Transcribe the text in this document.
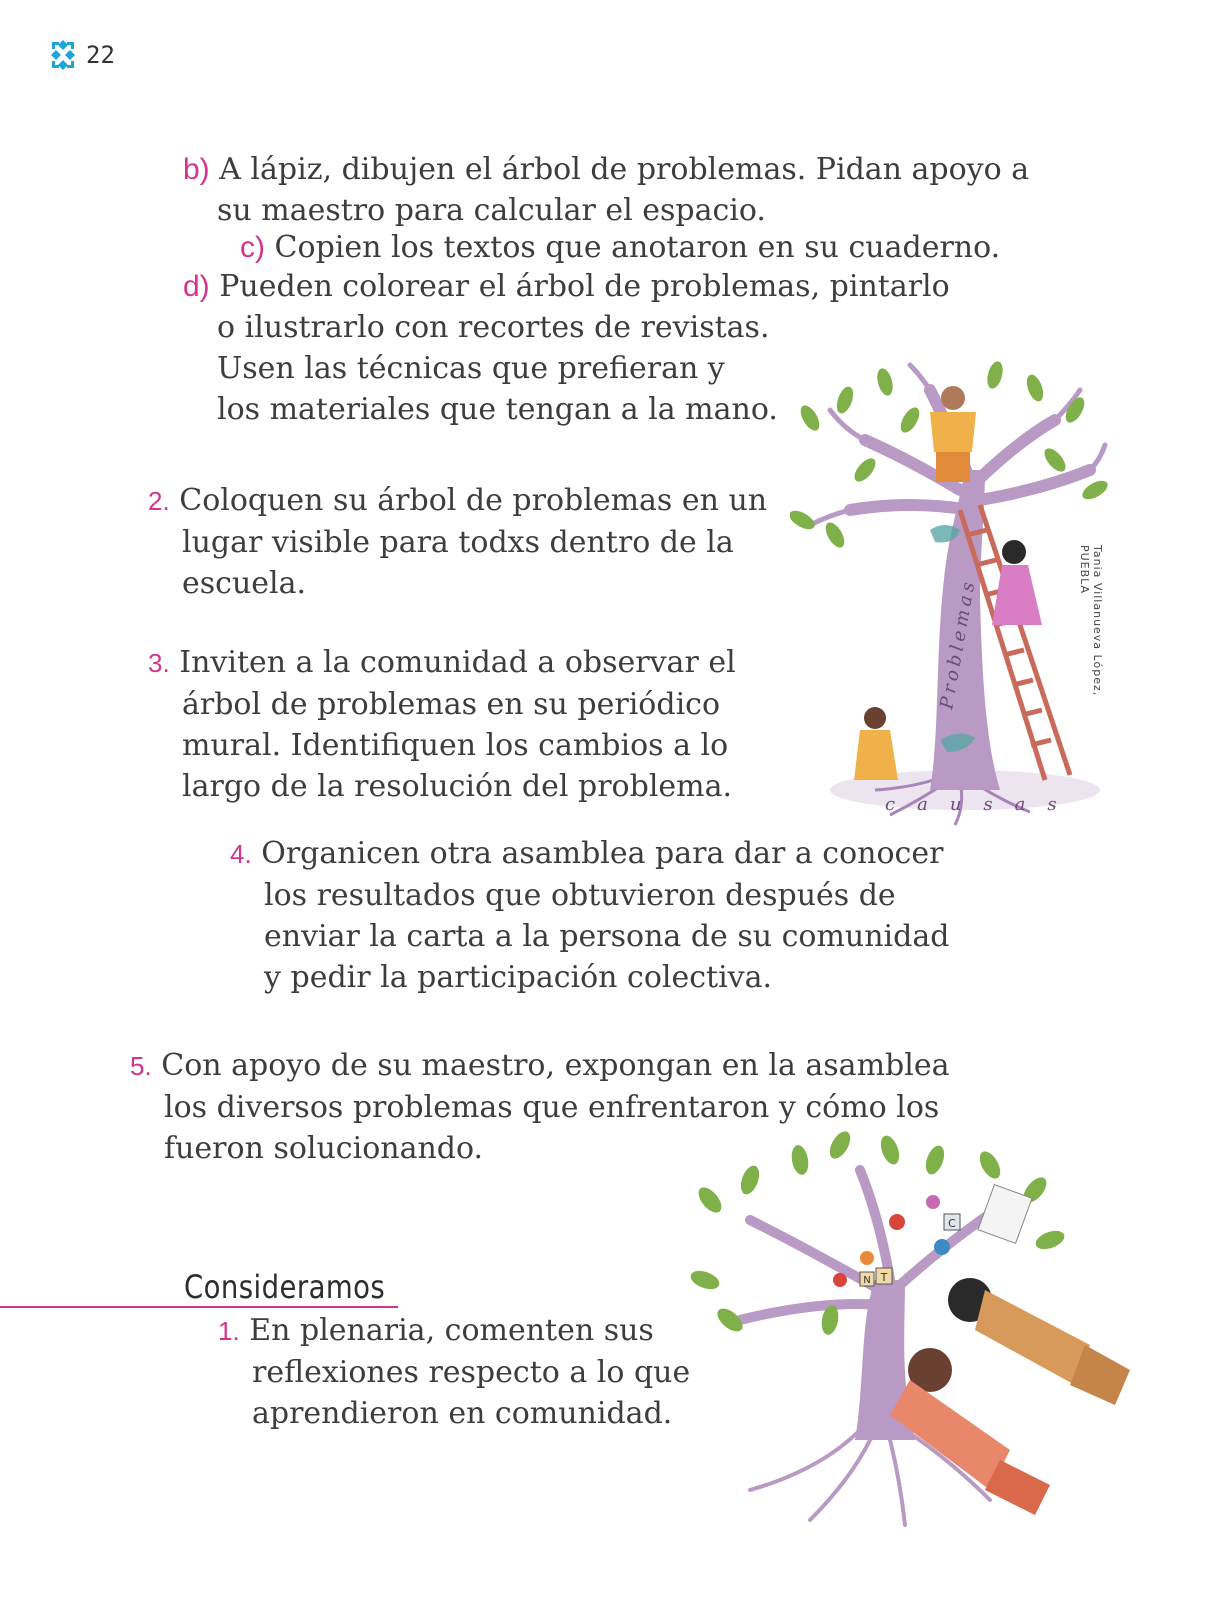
22
b) A lápiz, dibujen el árbol de problemas. Pidan apoyo a
su maestro para calcular el espacio.
c) Copien los textos que anotaron en su cuaderno.
d) Pueden colorear el árbol de problemas, pintarlo
o ilustrarlo con recortes de revistas.
Usen las técnicas que prefieran y
los materiales que tengan a la mano.
2. Coloquen su árbol de problemas en un
lugar visible para todxs dentro de la
escuela.
3. Inviten a la comunidad a observar el
árbol de problemas en su periódico
mural. Identifiquen los cambios a lo
largo de la resolución del problema.
4. Organicen otra asamblea para dar a conocer
los resultados que obtuvieron después de
enviar la carta a la persona de su comunidad
y pedir la participación colectiva.
5. Con apoyo de su maestro, expongan en la asamblea
los diversos problemas que enfrentaron y cómo los
fueron solucionando.
Consideramos
1. En plenaria, comenten sus
reflexiones respecto a lo que
aprendieron en comunidad.
Problemas
causas
Tania Villanueva López, PUEBLA
T
N
C
